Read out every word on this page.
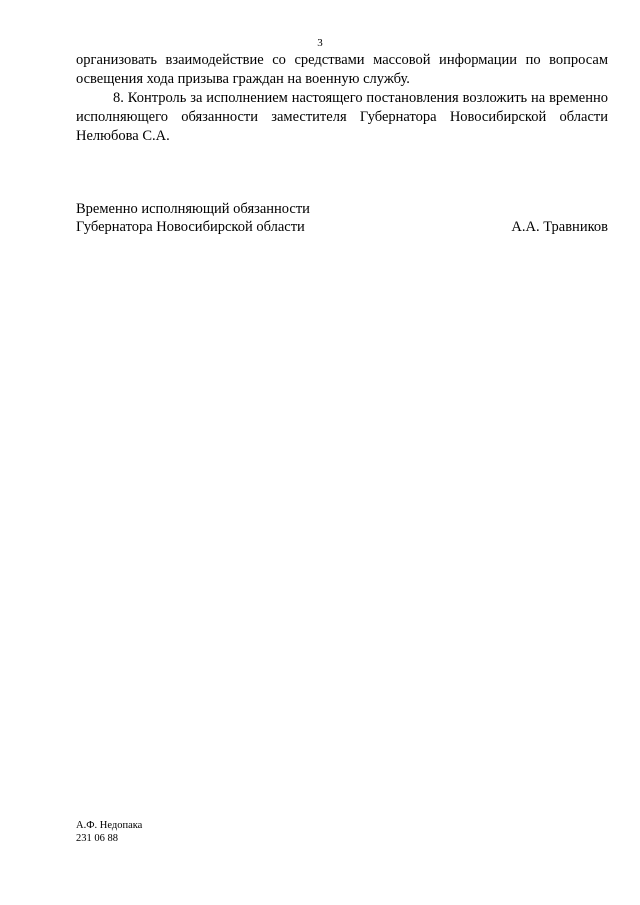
3

организовать взаимодействие со средствами массовой информации по вопросам освещения хода призыва граждан на военную службу.

8. Контроль за исполнением настоящего постановления возложить на временно исполняющего обязанности заместителя Губернатора Новосибирской области Нелюбова С.А.

Временно исполняющий обязанности
Губернатора Новосибирской области	А.А. Травников
А.Ф. Недопака
231 06 88
